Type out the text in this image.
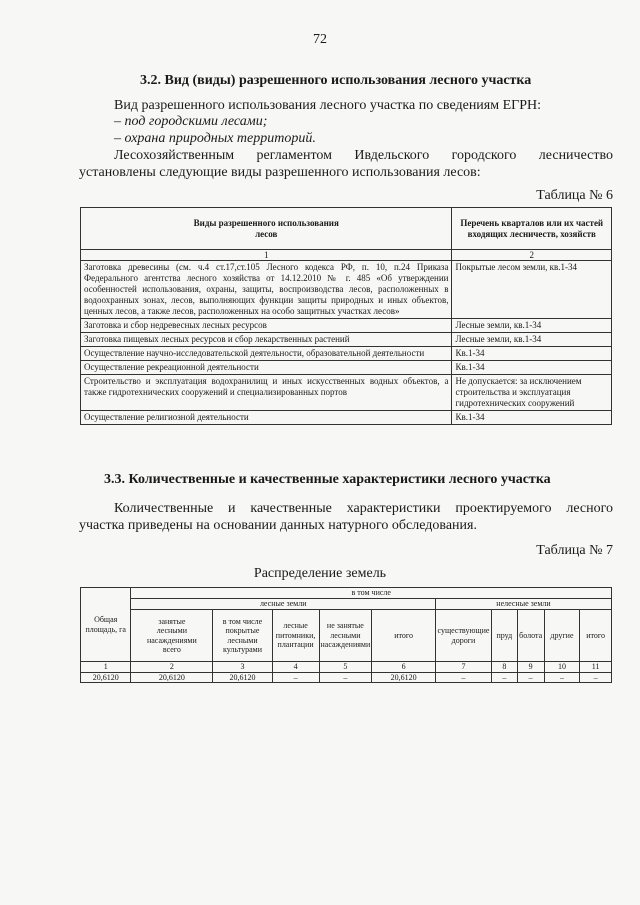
72
3.2. Вид (виды) разрешенного использования лесного участка
Вид разрешенного использования лесного участка по сведениям ЕГРН:
– под городскими лесами;
– охрана природных территорий.
Лесохозяйственным регламентом Ивдельского городского лесничество
установлены следующие виды разрешенного использования лесов:
Таблица № 6
Виды разрешенного использования лесов	Перечень кварталов или их частей входящих лесничеств, хозяйств
1	2
Заготовка древесины (см. ч.4 ст.17,ст.105 Лесного кодекса РФ, п. 10, п.24 Приказа Федерального агентства лесного хозяйства от 14.12.2010 № г. 485 «Об утверждении особенностей использования, охраны, защиты, воспроизводства лесов, расположенных в водоохранных зонах, лесов, выполняющих функции защиты природных и иных объектов, ценных лесов, а также лесов, расположенных на особо защитных участках лесов»	Покрытые лесом земли, кв.1-34
Заготовка и сбор недревесных лесных ресурсов	Лесные земли, кв.1-34
Заготовка пищевых лесных ресурсов и сбор лекарственных растений	Лесные земли, кв.1-34
Осуществление научно-исследовательской деятельности, образовательной деятельности	Кв.1-34
Осуществление рекреационной деятельности	Кв.1-34
Строительство и эксплуатация водохранилищ и иных искусственных водных объектов, а также гидротехнических сооружений и специализированных портов	Не допускается: за исключением строительства и эксплуатация гидротехнических сооружений
Осуществление религиозной деятельности	Кв.1-34
3.3. Количественные и качественные характеристики лесного участка
Количественные и качественные характеристики проектируемого лесного
участка приведены на основании данных натурного обследования.
Таблица № 7
Распределение земель
Общая площадь, га	в том числе									
	лесные земли					нелесные земли				
	занятые лесными насаждениями всего	в том числе покрытые лесными культурами	лесные питомники, плантации	не занятые лесными насаждениями	итого	существующие дороги	пруд	болота	другие	итого
1	2	3	4	5	6	7	8	9	10	11
20,6120	20,6120	20,6120	–	–	20,6120	–	–	–	–	–
